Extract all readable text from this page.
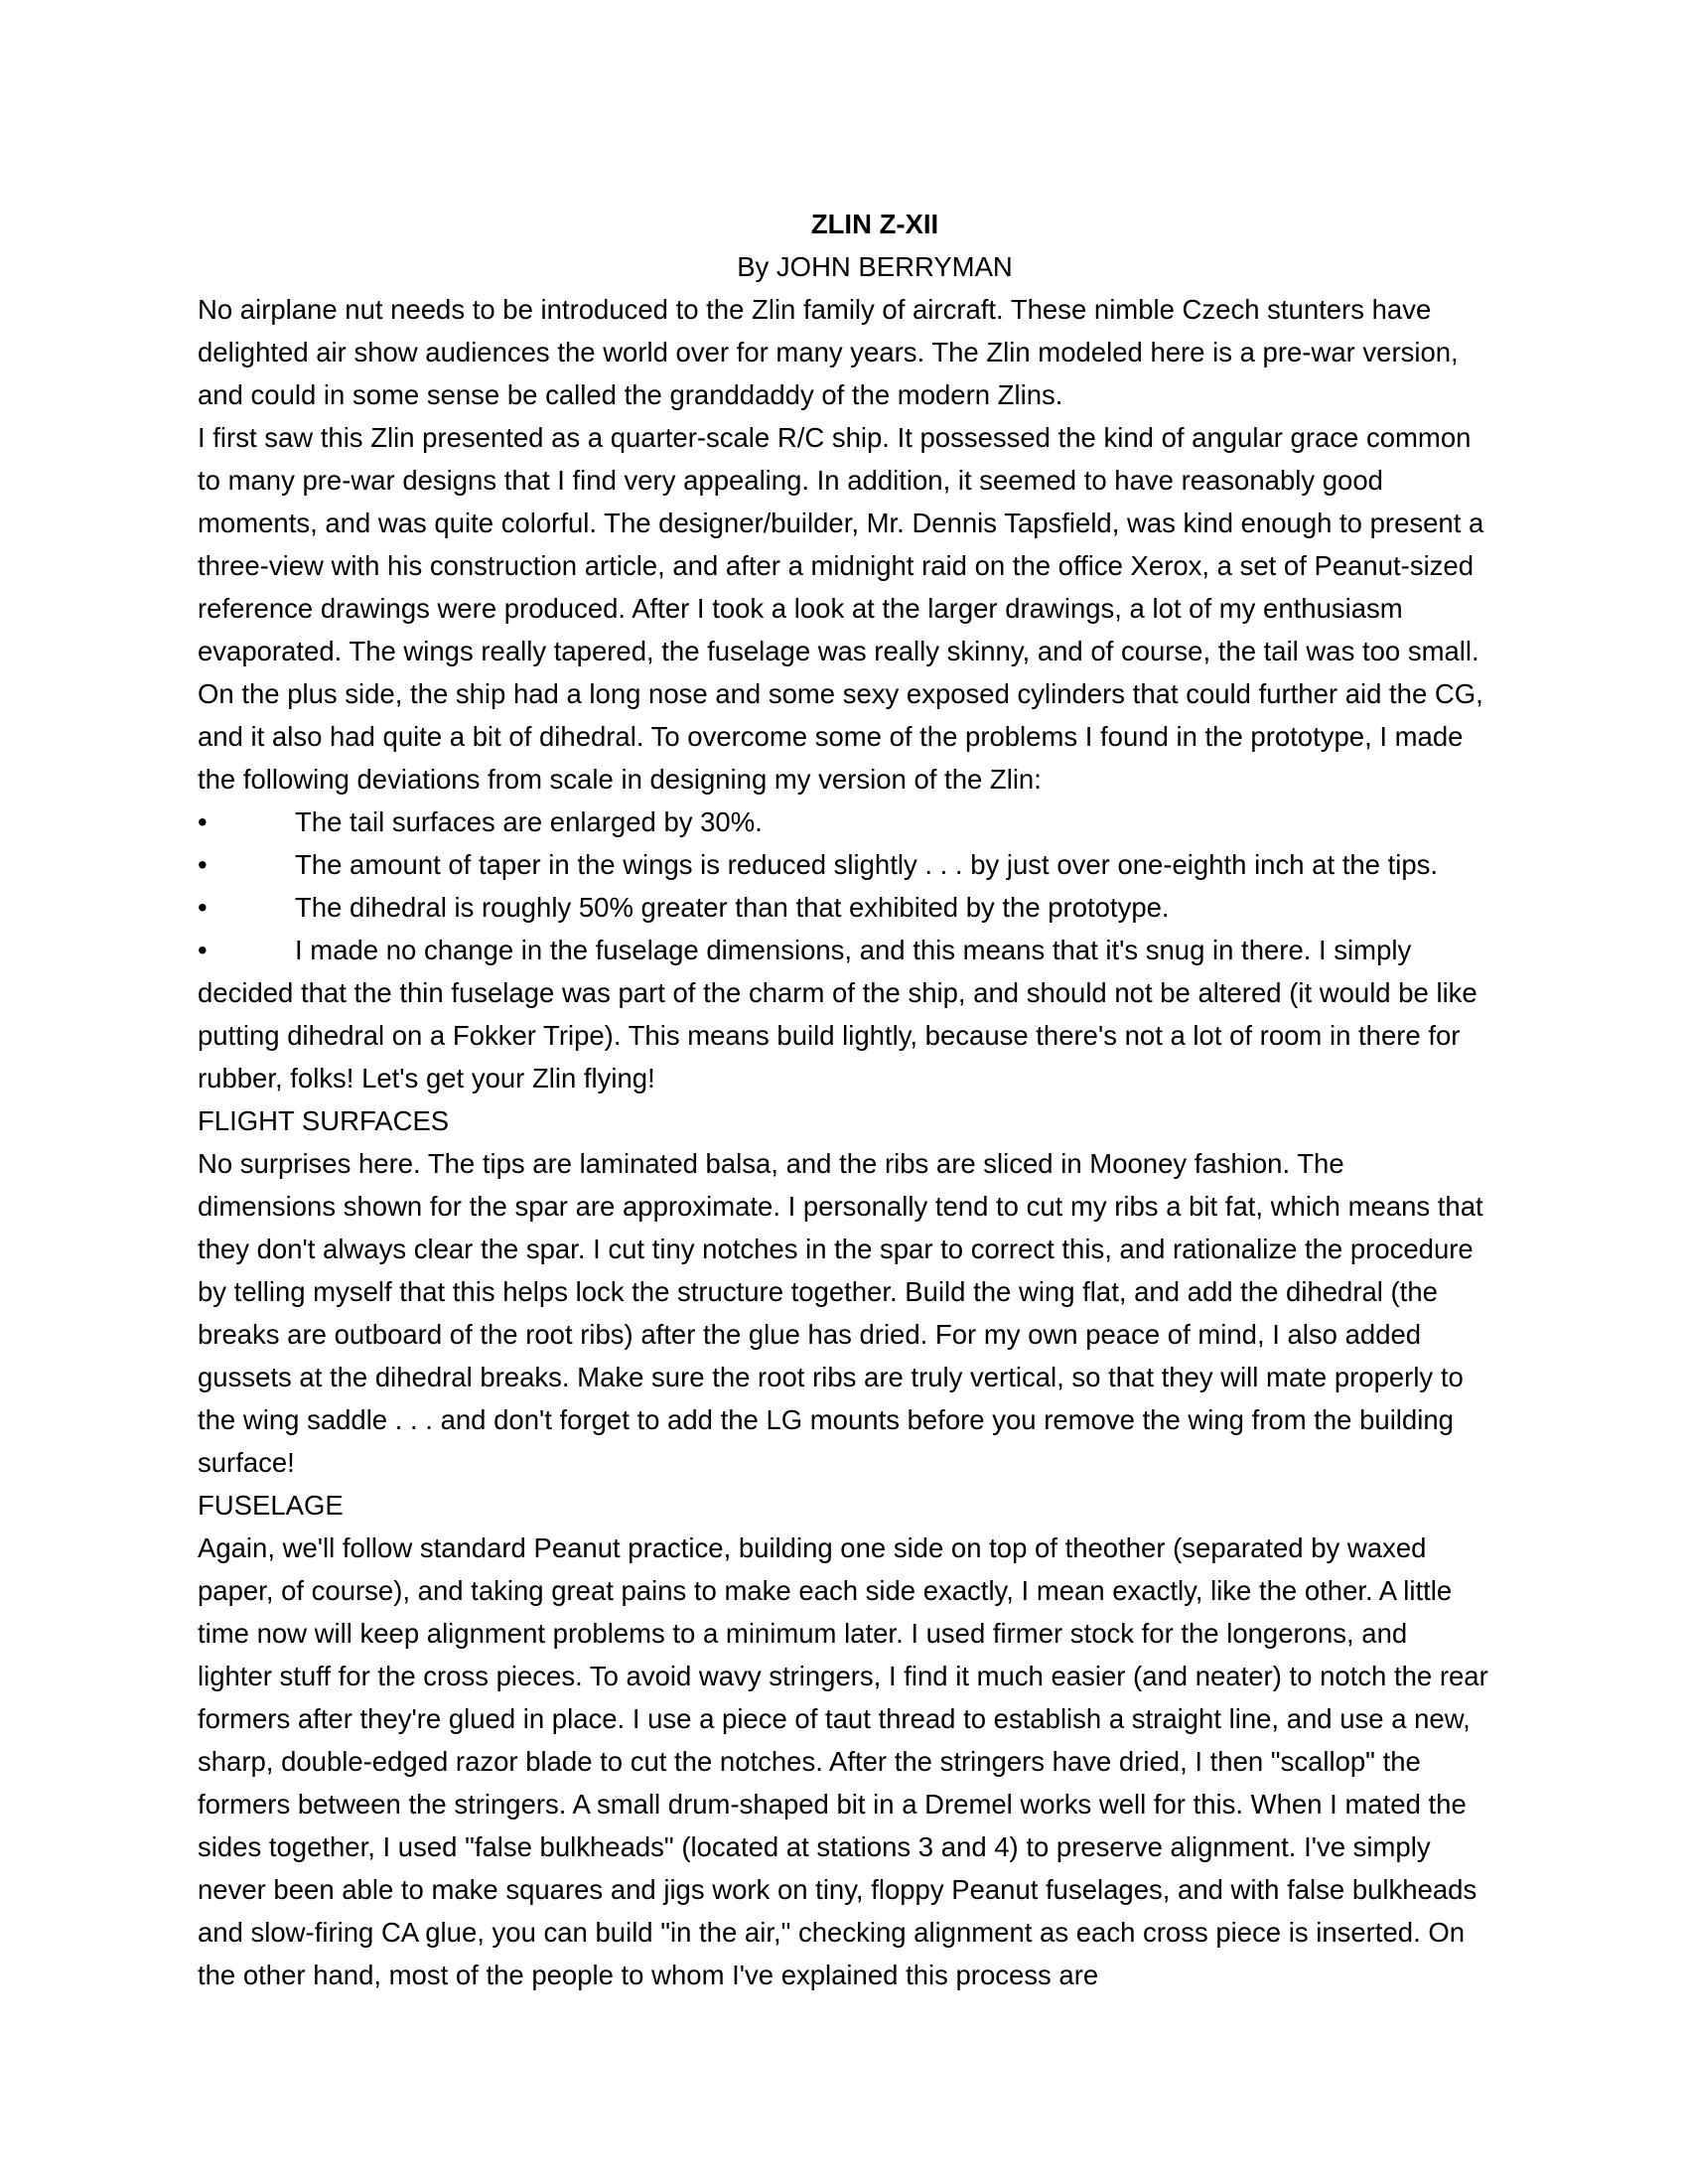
ZLIN Z-XII
By JOHN BERRYMAN

No airplane nut needs to be introduced to the Zlin family of aircraft. These nimble Czech stunters have delighted air show audiences the world over for many years. The Zlin modeled here is a pre-war version, and could in some sense be called the granddaddy of the modern Zlins.

I first saw this Zlin presented as a quarter-scale R/C ship. It possessed the kind of angular grace common to many pre-war designs that I find very appealing. In addition, it seemed to have reasonably good moments, and was quite colorful. The designer/builder, Mr. Dennis Tapsfield, was kind enough to present a three-view with his construction article, and after a midnight raid on the office Xerox, a set of Peanut-sized reference drawings were produced. After I took a look at the larger drawings, a lot of my enthusiasm evaporated. The wings really tapered, the fuselage was really skinny, and of course, the tail was too small. On the plus side, the ship had a long nose and some sexy exposed cylinders that could further aid the CG, and it also had quite a bit of dihedral. To overcome some of the problems I found in the prototype, I made the following deviations from scale in designing my version of the Zlin:

•	The tail surfaces are enlarged by 30%.
•	The amount of taper in the wings is reduced slightly . . . by just over one-eighth inch at the tips.
•	The dihedral is roughly 50% greater than that exhibited by the prototype.
•	I made no change in the fuselage dimensions, and this means that it's snug in there. I simply

decided that the thin fuselage was part of the charm of the ship, and should not be altered (it would be like putting dihedral on a Fokker Tripe). This means build lightly, because there's not a lot of room in there for rubber, folks! Let's get your Zlin flying!

FLIGHT SURFACES

No surprises here. The tips are laminated balsa, and the ribs are sliced in Mooney fashion. The dimensions shown for the spar are approximate. I personally tend to cut my ribs a bit fat, which means that they don't always clear the spar. I cut tiny notches in the spar to correct this, and rationalize the procedure by telling myself that this helps lock the structure together. Build the wing flat, and add the dihedral (the breaks are outboard of the root ribs) after the glue has dried. For my own peace of mind, I also added gussets at the dihedral breaks. Make sure the root ribs are truly vertical, so that they will mate properly to the wing saddle . . . and don't forget to add the LG mounts before you remove the wing from the building surface!

FUSELAGE

Again, we'll follow standard Peanut practice, building one side on top of theother (separated by waxed paper, of course), and taking great pains to make each side exactly, I mean exactly, like the other. A little time now will keep alignment problems to a minimum later. I used firmer stock for the longerons, and lighter stuff for the cross pieces. To avoid wavy stringers, I find it much easier (and neater) to notch the rear formers after they're glued in place. I use a piece of taut thread to establish a straight line, and use a new, sharp, double-edged razor blade to cut the notches. After the stringers have dried, I then "scallop" the formers between the stringers. A small drum-shaped bit in a Dremel works well for this. When I mated the sides together, I used "false bulkheads" (located at stations 3 and 4) to preserve alignment. I've simply never been able to make squares and jigs work on tiny, floppy Peanut fuselages, and with false bulkheads and slow-firing CA glue, you can build "in the air," checking alignment as each cross piece is inserted. On the other hand, most of the people to whom I've explained this process are
